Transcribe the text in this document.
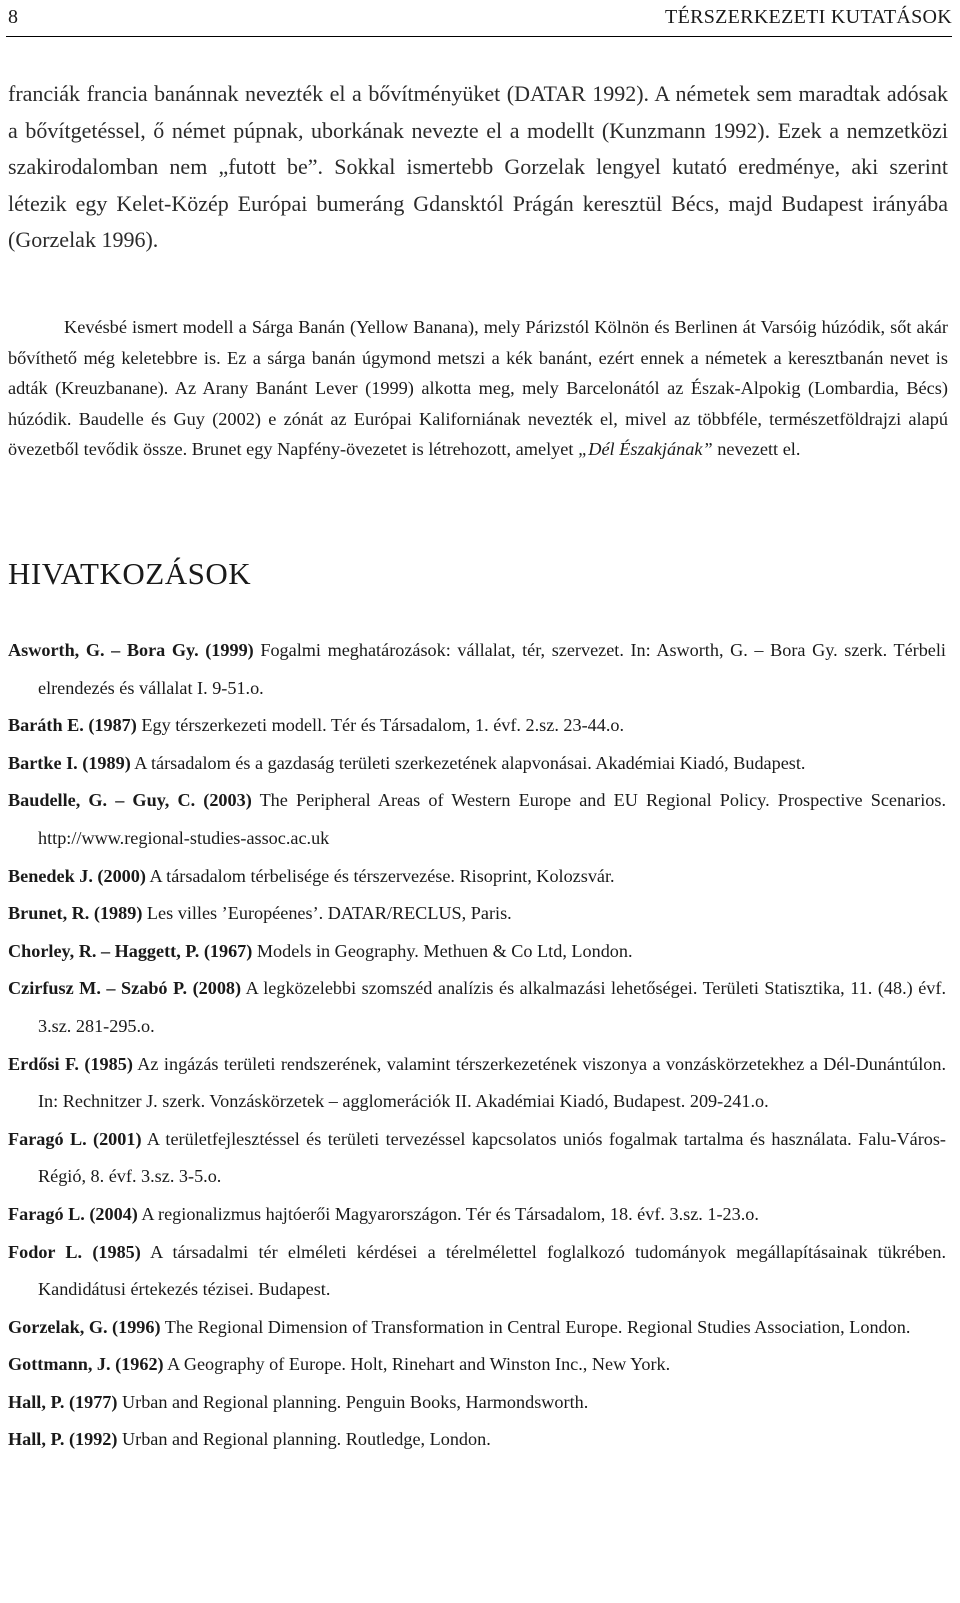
8	TÉRSZERKEZETI KUTATÁSOK
franciák francia banánnak nevezték el a bővítményüket (DATAR 1992). A németek sem maradtak adósak a bővítgetéssel, ő német púpnak, uborkának nevezte el a modellt (Kunzmann 1992). Ezek a nemzetközi szakirodalomban nem „futott be”. Sokkal ismertebb Gorzelak lengyel kutató eredménye, aki szerint létezik egy Kelet-Közép Európai bumeráng Gdansktól Prágán keresztül Bécs, majd Budapest irányába (Gorzelak 1996).
Kevésbé ismert modell a Sárga Banán (Yellow Banana), mely Párizstól Kölnön és Berlinen át Varsóig húzódik, sőt akár bővíthető még keletebbre is. Ez a sárga banán úgymond metszi a kék banánt, ezért ennek a németek a keresztbanán nevet is adták (Kreuzbanane). Az Arany Banánt Lever (1999) alkotta meg, mely Barcelonától az Észak-Alpokig (Lombardia, Bécs) húzódik. Baudelle és Guy (2002) e zónát az Európai Kaliforniának nevezték el, mivel az többféle, természetföldrajzi alapú övezetből tevődik össze. Brunet egy Napfény-övezetet is létrehozott, amelyet „Dél Északjának” nevezett el.
HIVATKOZÁSOK
Asworth, G. – Bora Gy. (1999) Fogalmi meghatározások: vállalat, tér, szervezet. In: Asworth, G. – Bora Gy. szerk. Térbeli elrendezés és vállalat I. 9-51.o.
Baráth E. (1987) Egy térszerkezeti modell. Tér és Társadalom, 1. évf. 2.sz. 23-44.o.
Bartke I. (1989) A társadalom és a gazdaság területi szerkezetének alapvonásai. Akadémiai Kiadó, Budapest.
Baudelle, G. – Guy, C. (2003) The Peripheral Areas of Western Europe and EU Regional Policy. Prospective Scenarios. http://www.regional-studies-assoc.ac.uk
Benedek J. (2000) A társadalom térbelisége és térszervezése. Risoprint, Kolozsvár.
Brunet, R. (1989) Les villes ’Européenes’. DATAR/RECLUS, Paris.
Chorley, R. – Haggett, P. (1967) Models in Geography. Methuen & Co Ltd, London.
Czirfusz M. – Szabó P. (2008) A legközelebbi szomszéd analízis és alkalmazási lehetőségei. Területi Statisztika, 11. (48.) évf. 3.sz. 281-295.o.
Erdősi F. (1985) Az ingázás területi rendszerének, valamint térszerkezetének viszonya a vonzáskörzetekhez a Dél-Dunántúlon. In: Rechnitzer J. szerk. Vonzáskörzetek – agglomerációk II. Akadémiai Kiadó, Budapest. 209-241.o.
Faragó L. (2001) A területfejlesztéssel és területi tervezéssel kapcsolatos uniós fogalmak tartalma és használata. Falu-Város-Régió, 8. évf. 3.sz. 3-5.o.
Faragó L. (2004) A regionalizmus hajtóerői Magyarországon. Tér és Társadalom, 18. évf. 3.sz. 1-23.o.
Fodor L. (1985) A társadalmi tér elméleti kérdései a térelmélettel foglalkozó tudományok megállapításainak tükrében. Kandidátusi értekezés tézisei. Budapest.
Gorzelak, G. (1996) The Regional Dimension of Transformation in Central Europe. Regional Studies Association, London.
Gottmann, J. (1962) A Geography of Europe. Holt, Rinehart and Winston Inc., New York.
Hall, P. (1977) Urban and Regional planning. Penguin Books, Harmondsworth.
Hall, P. (1992) Urban and Regional planning. Routledge, London.
